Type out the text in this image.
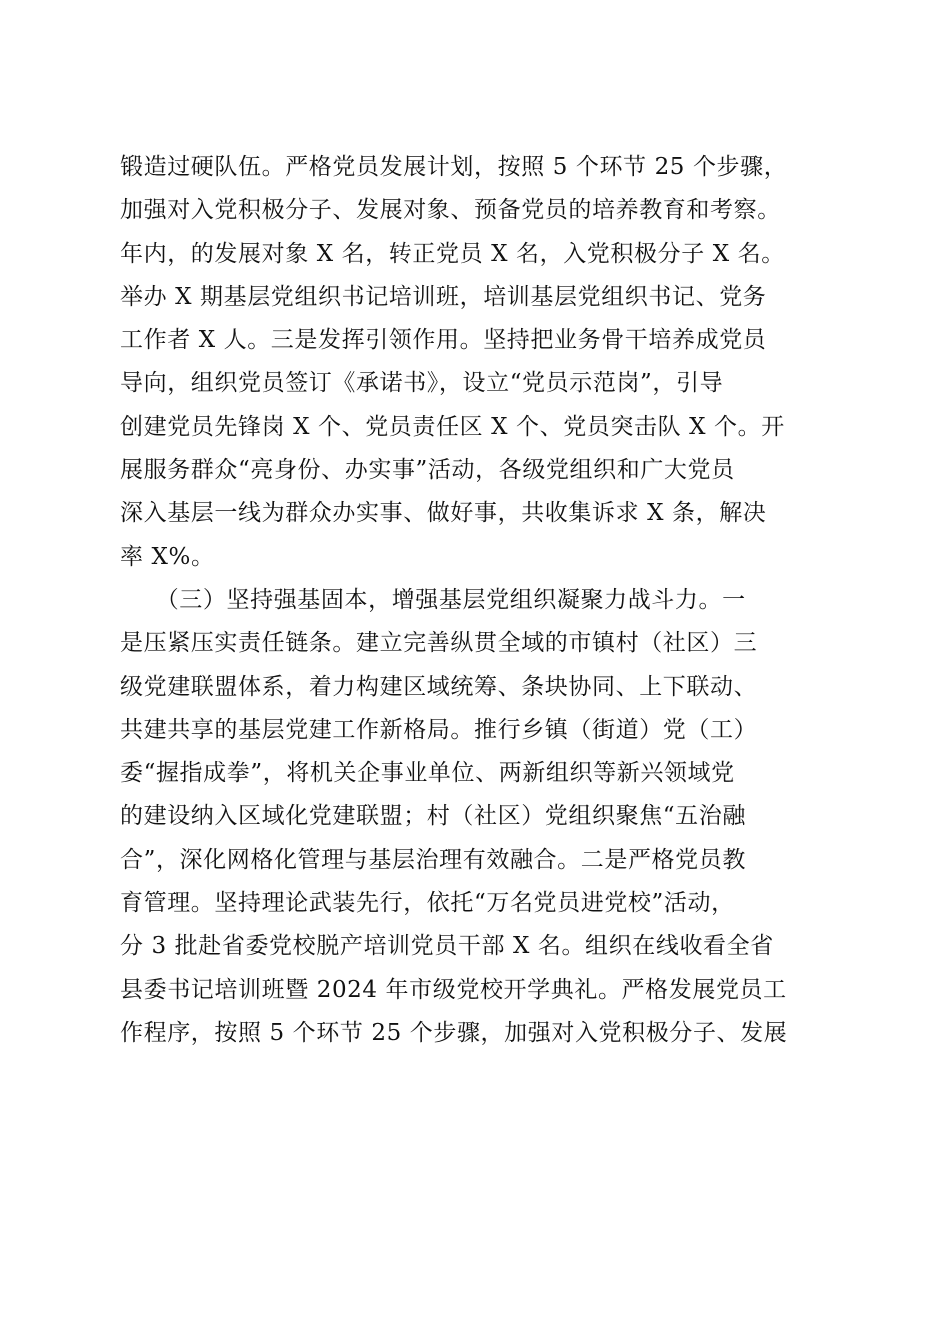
锻造过硬队伍。严格党员发展计划，按照 5 个环节 25 个步骤，
加强对入党积极分子、发展对象、预备党员的培养教育和考察。
年内，的发展对象 X 名，转正党员 X 名，入党积极分子 X 名。
举办 X 期基层党组织书记培训班，培训基层党组织书记、党务
工作者 X 人。三是发挥引领作用。坚持把业务骨干培养成党员
导向，组织党员签订《承诺书》，设立“党员示范岗”，引导
创建党员先锋岗 X 个、党员责任区 X 个、党员突击队 X 个。开
展服务群众“亮身份、办实事”活动，各级党组织和广大党员
深入基层一线为群众办实事、做好事，共收集诉求 X 条，解决
率 X%。
　　（三）坚持强基固本，增强基层党组织凝聚力战斗力。一
是压紧压实责任链条。建立完善纵贯全域的市镇村（社区）三
级党建联盟体系，着力构建区域统筹、条块协同、上下联动、
共建共享的基层党建工作新格局。推行乡镇（街道）党（工）
委“握指成拳”，将机关企事业单位、两新组织等新兴领域党
的建设纳入区域化党建联盟；村（社区）党组织聚焦“五治融
合”，深化网格化管理与基层治理有效融合。二是严格党员教
育管理。坚持理论武装先行，依托“万名党员进党校”活动，
分 3 批赴省委党校脱产培训党员干部 X 名。组织在线收看全省
县委书记培训班暨 2024 年市级党校开学典礼。严格发展党员工
作程序，按照 5 个环节 25 个步骤，加强对入党积极分子、发展
